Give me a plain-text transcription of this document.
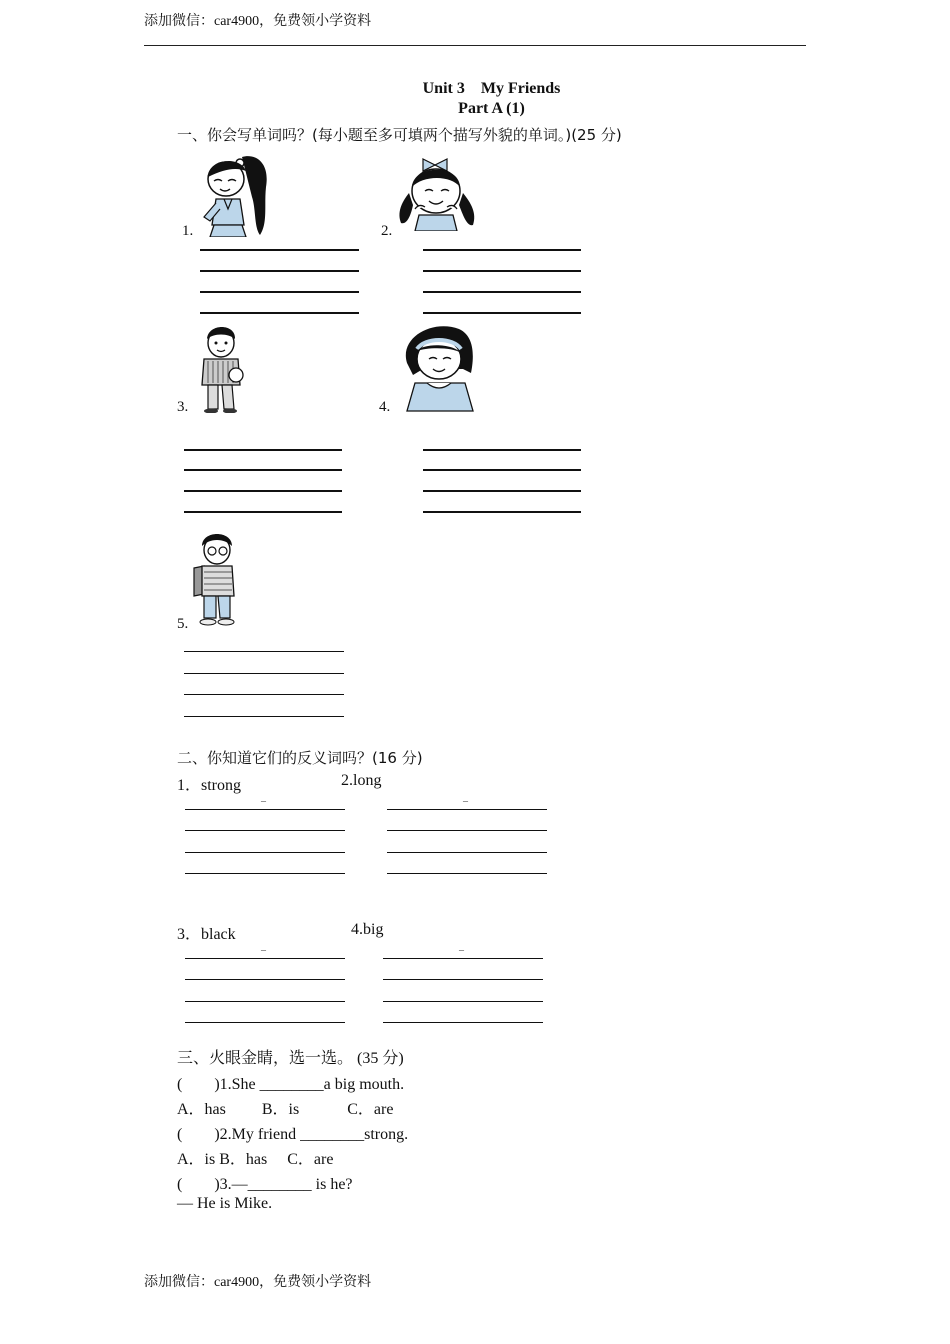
添加微信：car4900，免费领小学资料
Unit 3　My Friends
Part A (1)
一、你会写单词吗？(每小题至多可填两个描写外貌的单词。)(25 分)
1.	2.
3.	4.
5.
二、你知道它们的反义词吗？(16 分)
1．strong	2.long
–	–
3．black	4.big
–	–
三、火眼金睛，选一选。 (35 分)
(　　)1.She ________a big mouth.
A．has　　 B．is　　　C．are
(　　)2.My friend ________strong.
A．is B．has　 C．are
(　　)3.—________ is he?
— He is Mike.
添加微信：car4900，免费领小学资料
